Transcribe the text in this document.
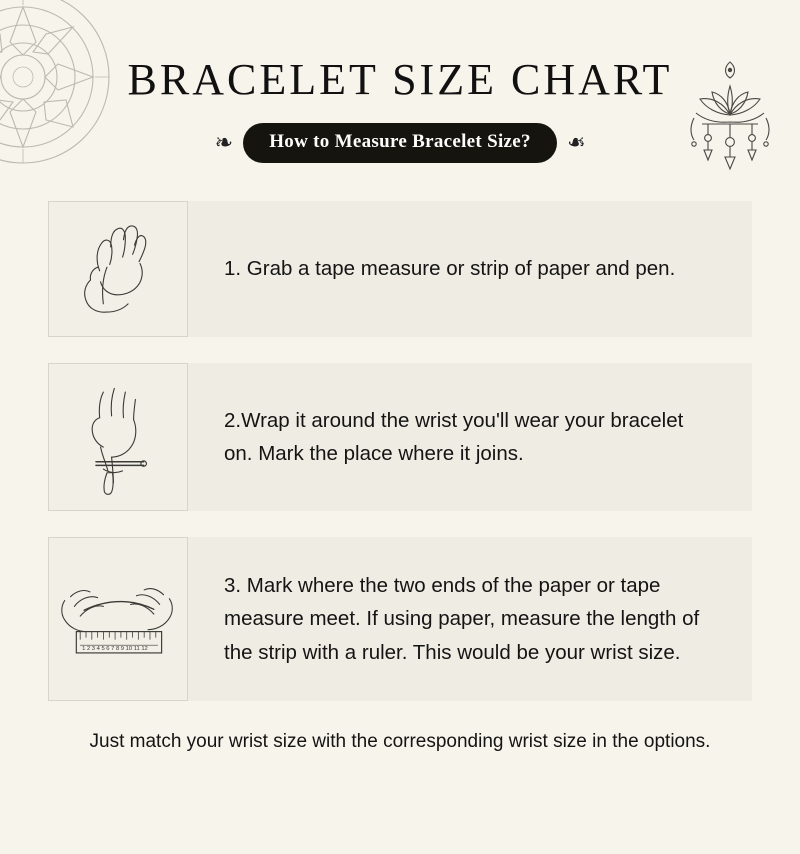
BRACELET SIZE CHART
❧	How to Measure Bracelet Size?	❧
1. Grab a tape measure or strip of paper and pen.
2.Wrap it around the wrist you'll wear your bracelet on. Mark the place where it joins.
1 2 3 4 5 6 7 8 9 10 11 12
3. Mark where the two ends of the paper or tape measure meet. If using paper, measure the length of the strip with a ruler. This would be your wrist size.
Just match your wrist size with the corresponding wrist size in the options.
